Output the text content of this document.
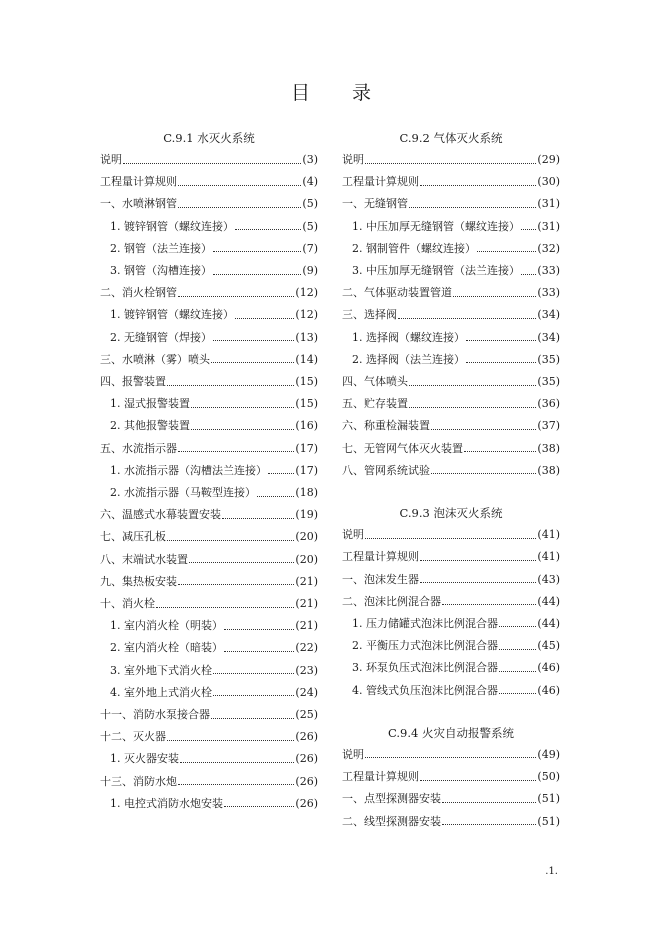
目 录
C.9.1 水灭火系统
说明	(3)
工程量计算规则	(4)
一、水喷淋钢管	(5)
1. 镀锌钢管（螺纹连接）	(5)
2. 钢管（法兰连接）	(7)
3. 钢管（沟槽连接）	(9)
二、消火栓钢管	(12)
1. 镀锌钢管（螺纹连接）	(12)
2. 无缝钢管（焊接）	(13)
三、水喷淋（雾）喷头	(14)
四、报警装置	(15)
1. 湿式报警装置	(15)
2. 其他报警装置	(16)
五、水流指示器	(17)
1. 水流指示器（沟槽法兰连接）	(17)
2. 水流指示器（马鞍型连接）	(18)
六、温感式水幕装置安装	(19)
七、减压孔板	(20)
八、末端试水装置	(20)
九、集热板安装	(21)
十、消火栓	(21)
1. 室内消火栓（明装）	(21)
2. 室内消火栓（暗装）	(22)
3. 室外地下式消火栓	(23)
4. 室外地上式消火栓	(24)
十一、消防水泵接合器	(25)
十二、灭火器	(26)
1. 灭火器安装	(26)
十三、消防水炮	(26)
1. 电控式消防水炮安装	(26)
C.9.2 气体灭火系统
说明	(29)
工程量计算规则	(30)
一、无缝钢管	(31)
1. 中压加厚无缝钢管（螺纹连接） (31)
2. 钢制管件（螺纹连接）	(32)
3. 中压加厚无缝钢管（法兰连接） (33)
二、气体驱动装置管道	(33)
三、选择阀	(34)
1. 选择阀（螺纹连接）	(34)
2. 选择阀（法兰连接）	(35)
四、气体喷头	(35)
五、贮存装置	(36)
六、称重检漏装置	(37)
七、无管网气体灭火装置	(38)
八、管网系统试验	(38)
C.9.3 泡沫灭火系统
说明	(41)
工程量计算规则	(41)
一、泡沫发生器	(43)
二、泡沫比例混合器	(44)
1. 压力储罐式泡沫比例混合器	(44)
2. 平衡压力式泡沫比例混合器	(45)
3. 环泵负压式泡沫比例混合器	(46)
4. 管线式负压泡沫比例混合器	(46)
C.9.4 火灾自动报警系统
说明	(49)
工程量计算规则	(50)
一、点型探测器安装	(51)
二、线型探测器安装	(51)
.1.
